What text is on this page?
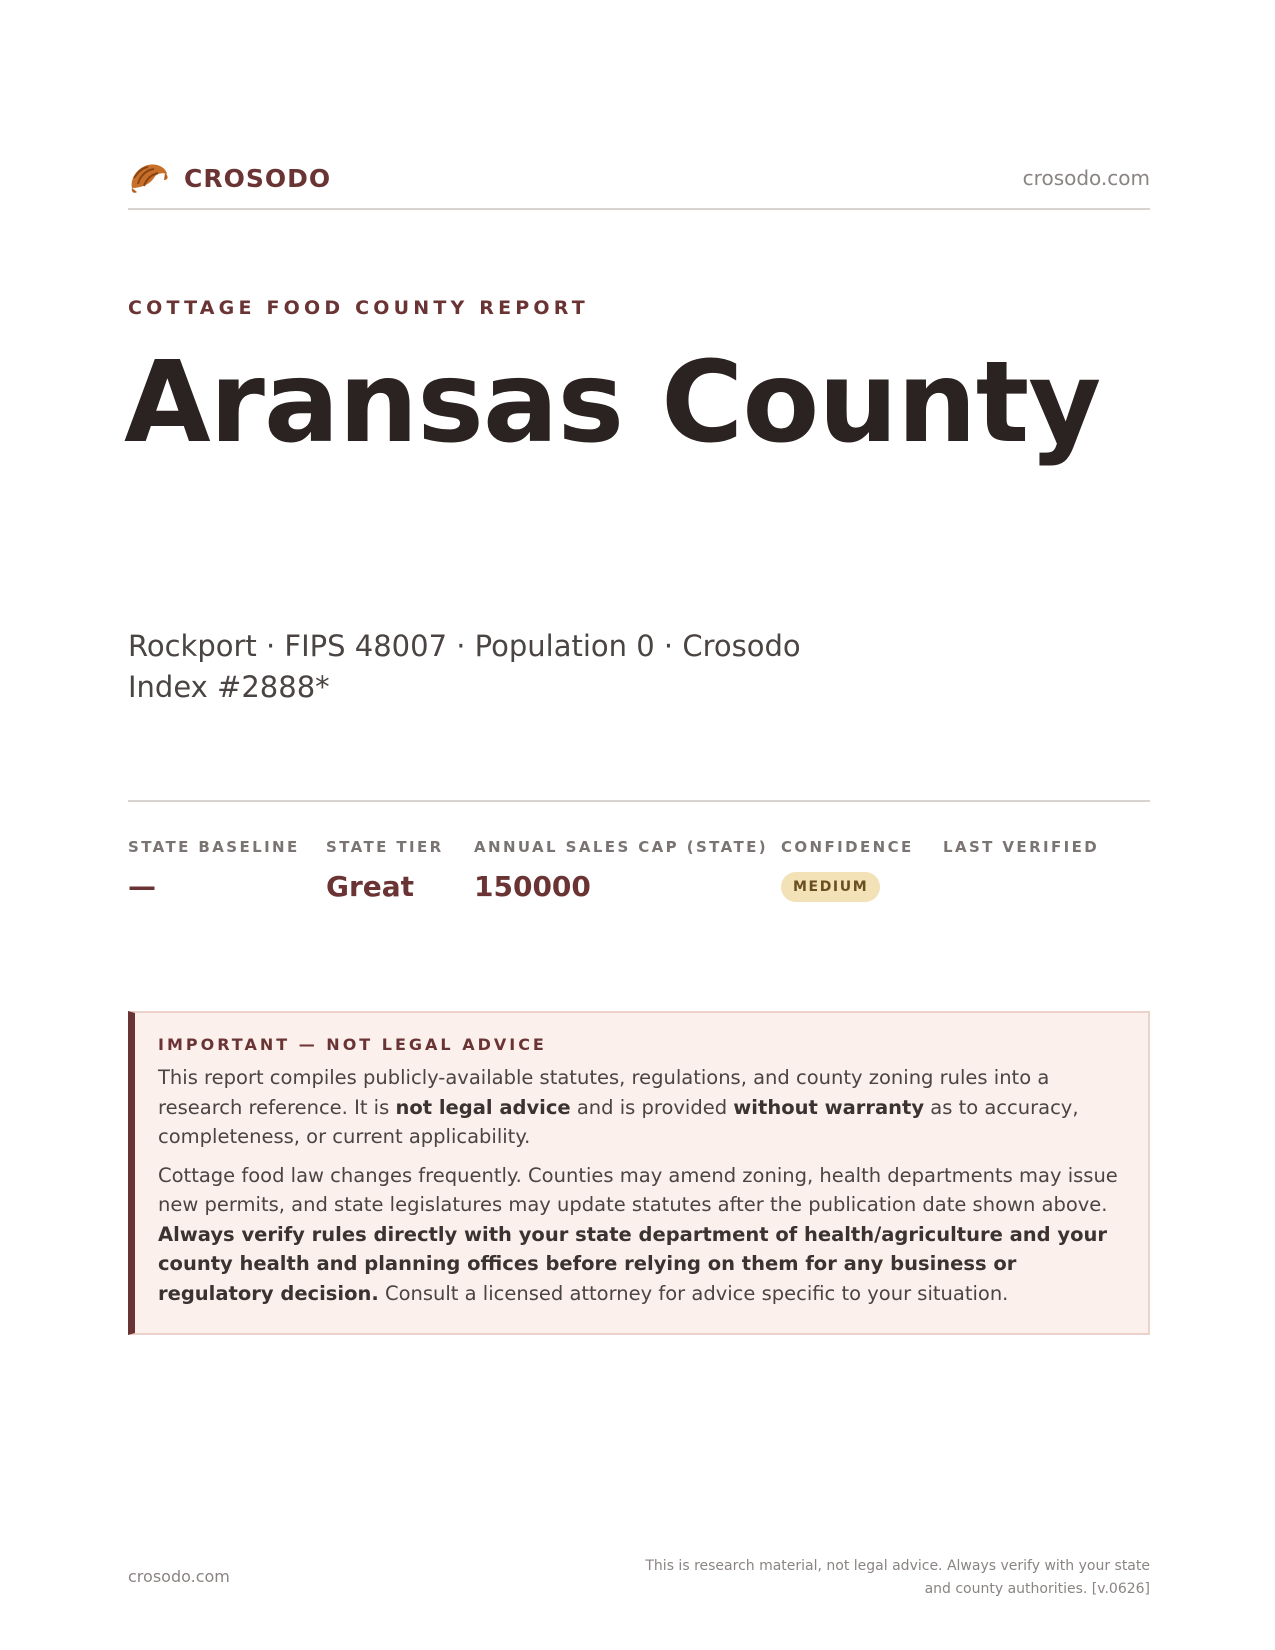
CROSODO	crosodo.com
COTTAGE FOOD COUNTY REPORT
Aransas County
Rockport · FIPS 48007 · Population 0 · Crosodo Index #2888*
STATE BASELINE
—
STATE TIER
Great
ANNUAL SALES CAP (STATE)
150000
CONFIDENCE
MEDIUM
LAST VERIFIED
IMPORTANT — NOT LEGAL ADVICE

This report compiles publicly-available statutes, regulations, and county zoning rules into a research reference. It is not legal advice and is provided without warranty as to accuracy, completeness, or current applicability.

Cottage food law changes frequently. Counties may amend zoning, health departments may issue new permits, and state legislatures may update statutes after the publication date shown above. Always verify rules directly with your state department of health/agriculture and your county health and planning offices before relying on them for any business or regulatory decision. Consult a licensed attorney for advice specific to your situation.

crosodo.com
This is research material, not legal advice. Always verify with your state
and county authorities. [v.0626]
